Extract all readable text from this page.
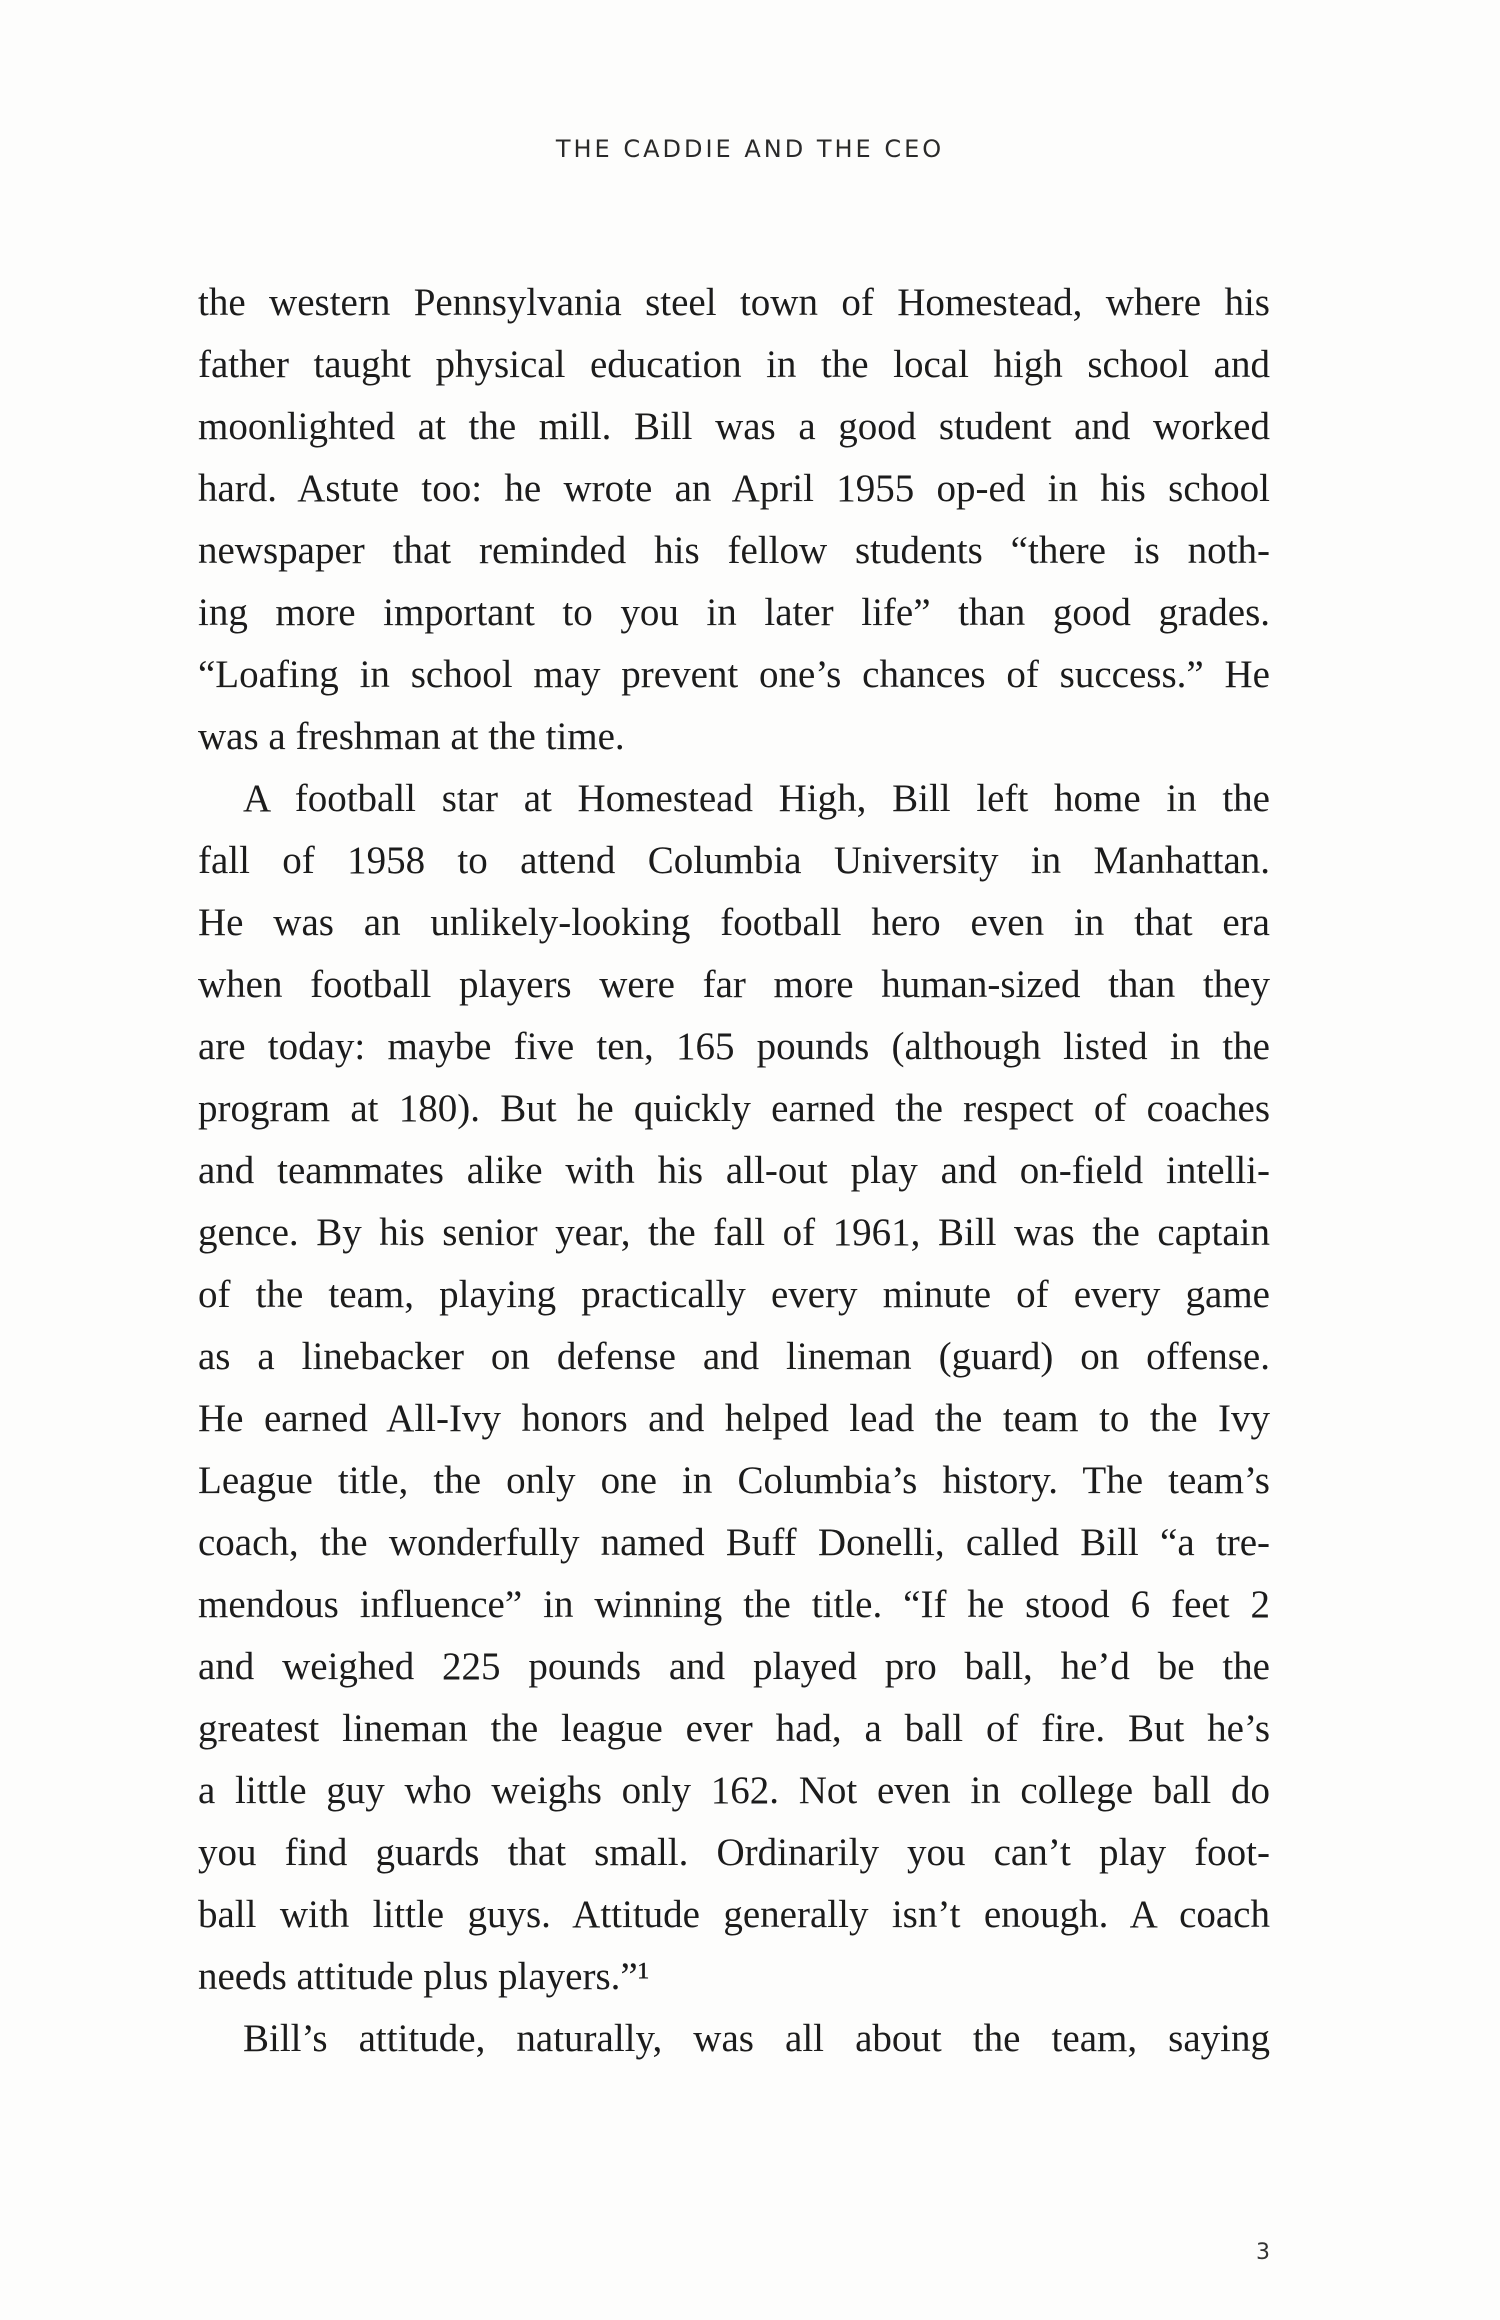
THE CADDIE AND THE CEO
the western Pennsylvania steel town of Homestead, where his
father taught physical education in the local high school and
moonlighted at the mill. Bill was a good student and worked
hard. Astute too: he wrote an April 1955 op-ed in his school
newspaper that reminded his fellow students “there is noth-
ing more important to you in later life” than good grades.
“Loafing in school may prevent one’s chances of success.” He
was a freshman at the time.
A football star at Homestead High, Bill left home in the
fall of 1958 to attend Columbia University in Manhattan.
He was an unlikely-looking football hero even in that era
when football players were far more human-sized than they
are today: maybe five ten, 165 pounds (although listed in the
program at 180). But he quickly earned the respect of coaches
and teammates alike with his all-out play and on-field intelli-
gence. By his senior year, the fall of 1961, Bill was the captain
of the team, playing practically every minute of every game
as a linebacker on defense and lineman (guard) on offense.
He earned All-Ivy honors and helped lead the team to the Ivy
League title, the only one in Columbia’s history. The team’s
coach, the wonderfully named Buff Donelli, called Bill “a tre-
mendous influence” in winning the title. “If he stood 6 feet 2
and weighed 225 pounds and played pro ball, he’d be the
greatest lineman the league ever had, a ball of fire. But he’s
a little guy who weighs only 162. Not even in college ball do
you find guards that small. Ordinarily you can’t play foot-
ball with little guys. Attitude generally isn’t enough. A coach
needs attitude plus players.”¹
Bill’s attitude, naturally, was all about the team, saying
3
